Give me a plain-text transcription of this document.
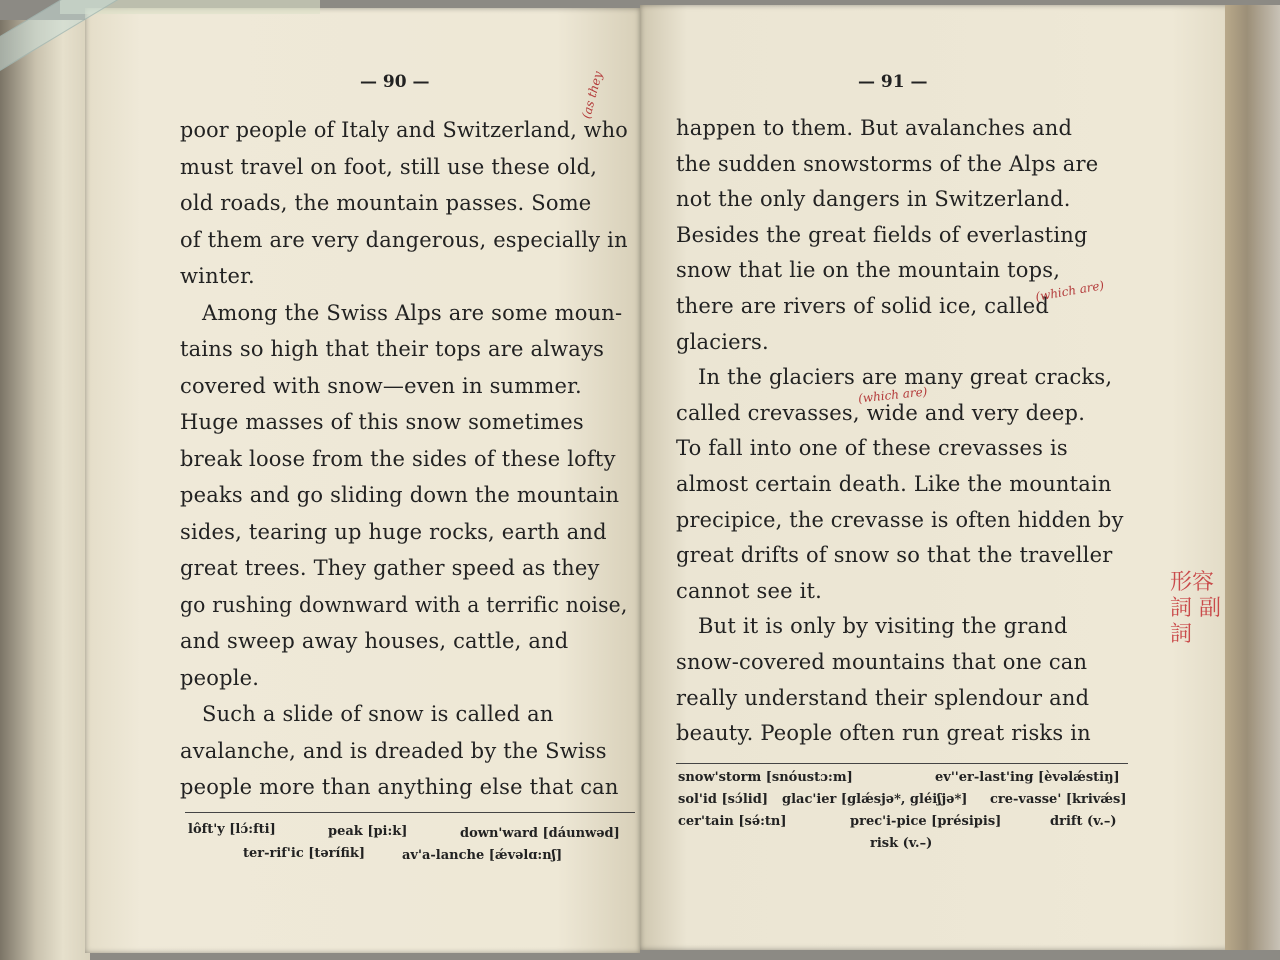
— 90 —
poor people of Italy and Switzerland, who
must travel on foot, still use these old,
old roads, the mountain passes. Some
of them are very dangerous, especially in
winter.
Among the Swiss Alps are some moun-
tains so high that their tops are always
covered with snow—even in summer.
Huge masses of this snow sometimes
break loose from the sides of these lofty
peaks and go sliding down the mountain
sides, tearing up huge rocks, earth and
great trees. They gather speed as they
go rushing downward with a terrific noise,
and sweep away houses, cattle, and
people.
Such a slide of snow is called an
avalanche, and is dreaded by the Swiss
people more than anything else that can
lôft'y [lɔ́:fti]	peak [pi:k]	down'ward [dáunwəd]
ter-rif'ic [tərífik]	av'a-lanche [ǽvəlɑ:nʃ]
(as they	— 91 —
happen to them. But avalanches and
the sudden snowstorms of the Alps are
not the only dangers in Switzerland.
Besides the great fields of everlasting
snow that lie on the mountain tops,
there are rivers of solid ice, called
glaciers.
In the glaciers are many great cracks,
called crevasses, wide and very deep.
To fall into one of these crevasses is
almost certain death. Like the mountain
precipice, the crevasse is often hidden by
great drifts of snow so that the traveller
cannot see it.
But it is only by visiting the grand
snow-covered mountains that one can
really understand their splendour and
beauty. People often run great risks in
snow'storm [snóustɔ:m]	ev''er-last'ing [èvəlǽstiŋ]
sol'id [sɔ́lid] glac'ier [glǽsjə*, gléiʃjə*] cre-vasse' [krivǽs]
cer'tain [sə́:tn]	prec'i-pice [présipis]	drift (v.–)
risk (v.–)
(which are)
(which are)
形容詞 副詞
